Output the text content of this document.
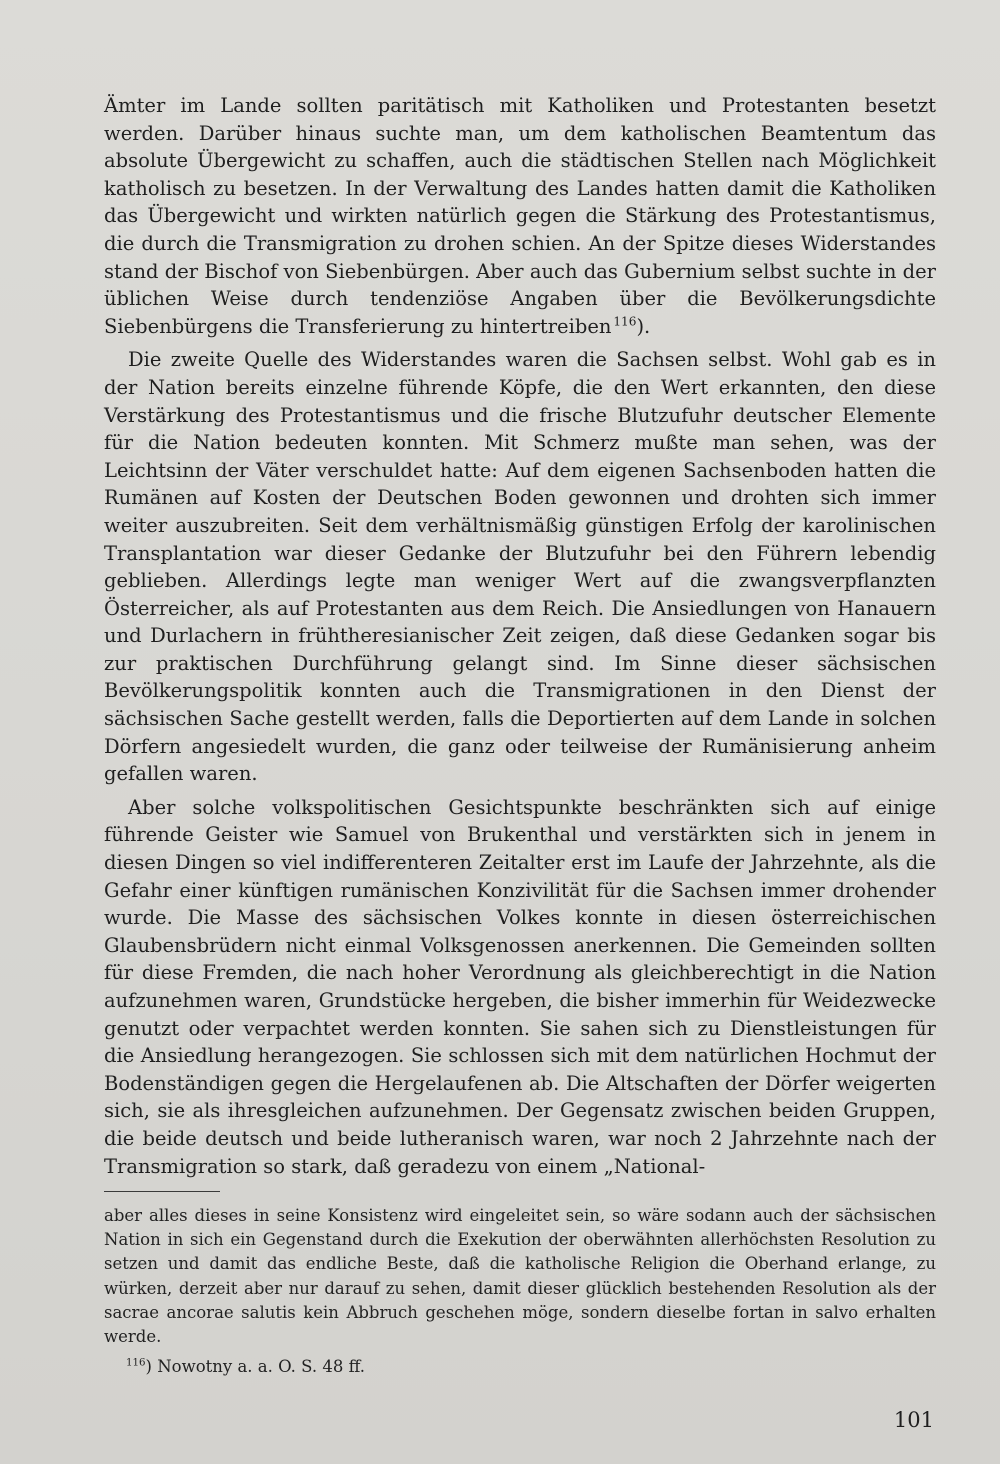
Ämter im Lande sollten paritätisch mit Katholiken und Protestanten besetzt werden. Darüber hinaus suchte man, um dem katholischen Beamtentum das absolute Übergewicht zu schaffen, auch die städtischen Stellen nach Möglichkeit katholisch zu besetzen. In der Verwaltung des Landes hatten damit die Katholiken das Übergewicht und wirkten natürlich gegen die Stärkung des Protestantismus, die durch die Transmigration zu drohen schien. An der Spitze dieses Widerstandes stand der Bischof von Siebenbürgen. Aber auch das Gubernium selbst suchte in der üblichen Weise durch tendenziöse Angaben über die Bevölkerungsdichte Siebenbürgens die Transferierung zu hintertreiben  $^{116}$).

Die zweite Quelle des Widerstandes waren die Sachsen selbst. Wohl gab es in der Nation bereits einzelne führende Köpfe, die den Wert erkannten, den diese Verstärkung des Protestantismus und die frische Blutzufuhr deutscher Elemente für die Nation bedeuten konnten. Mit Schmerz mußte man sehen, was der Leichtsinn der Väter verschuldet hatte: Auf dem eigenen Sachsenboden hatten die Rumänen auf Kosten der Deutschen Boden gewonnen und drohten sich immer weiter auszubreiten. Seit dem verhältnismäßig günstigen Erfolg der karolinischen Transplantation war dieser Gedanke der Blutzufuhr bei den Führern lebendig geblieben. Allerdings legte man weniger Wert auf die zwangsverpflanzten Österreicher, als auf Protestanten aus dem Reich. Die Ansiedlungen von Hanauern und Durlachern in frühtheresianischer Zeit zeigen, daß diese Gedanken sogar bis zur praktischen Durchführung gelangt sind. Im Sinne dieser sächsischen Bevölkerungspolitik konnten auch die Transmigrationen in den Dienst der sächsischen Sache gestellt werden, falls die Deportierten auf dem Lande in solchen Dörfern angesiedelt wurden, die ganz oder teilweise der Rumänisierung anheim gefallen waren.

Aber solche volkspolitischen Gesichtspunkte beschränkten sich auf einige führende Geister wie Samuel von Brukenthal und verstärkten sich in jenem in diesen Dingen so viel indifferenteren Zeitalter erst im Laufe der Jahrzehnte, als die Gefahr einer künftigen rumänischen Konzivilität für die Sachsen immer drohender wurde. Die Masse des sächsischen Volkes konnte in diesen österreichischen Glaubensbrüdern nicht einmal Volksgenossen anerkennen. Die Gemeinden sollten für diese Fremden, die nach hoher Verordnung als gleichberechtigt in die Nation aufzunehmen waren, Grundstücke hergeben, die bisher immerhin für Weidezwecke genutzt oder verpachtet werden konnten. Sie sahen sich zu Dienstleistungen für die Ansiedlung herangezogen. Sie schlossen sich mit dem natürlichen Hochmut der Bodenständigen gegen die Hergelaufenen ab. Die Altschaften der Dörfer weigerten sich, sie als ihresgleichen aufzunehmen. Der Gegensatz zwischen beiden Gruppen, die beide deutsch und beide lutheranisch waren, war noch 2 Jahrzehnte nach der Transmigration so stark, daß geradezu von einem „National-

aber alles dieses in seine Konsistenz wird eingeleitet sein, so wäre sodann auch der sächsischen Nation in sich ein Gegenstand durch die Exekution der oberwähnten allerhöchsten Resolution zu setzen und damit das endliche Beste, daß die katholische Religion die Oberhand erlange, zu würken, derzeit aber nur darauf zu sehen, damit dieser glücklich bestehenden Resolution als der sacrae ancorae salutis kein Abbruch geschehen möge, sondern dieselbe fortan in salvo erhalten werde.

$^{116}$) Nowotny a. a. O. S. 48 ff.

101
